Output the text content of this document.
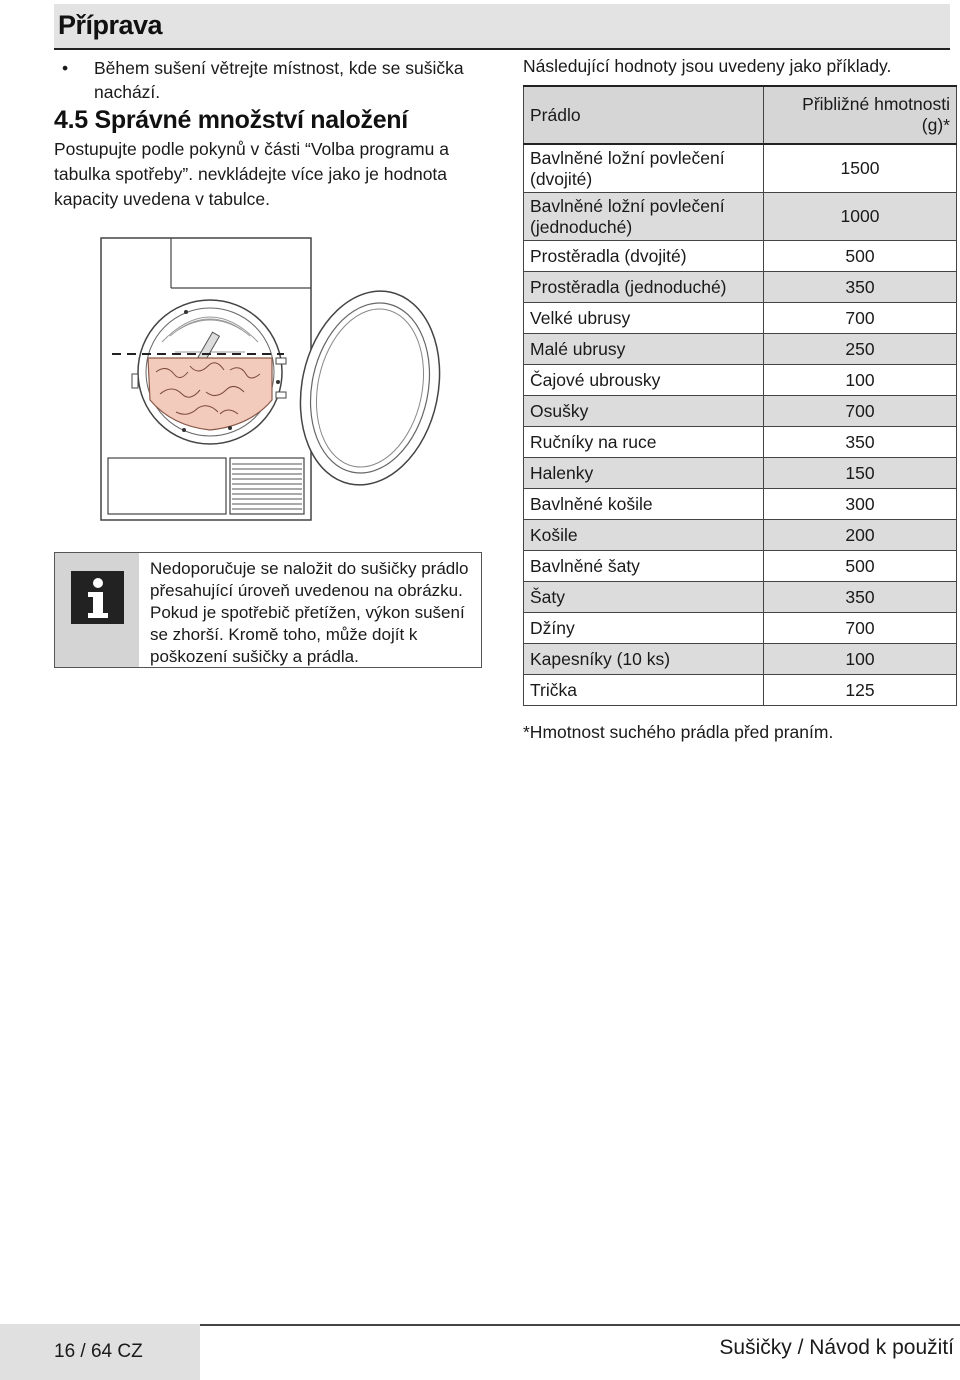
Příprava
• Během sušení větrejte místnost, kde se sušička nachází.
4.5 Správné množství naložení
Postupujte podle pokynů v části “Volba programu a tabulka spotřeby”. nevkládejte více jako je hodnota kapacity uvedena v tabulce.
Nedoporučuje se naložit do sušičky prádlo přesahující úroveň uvedenou na obrázku. Pokud je spotřebič přetížen, výkon sušení se zhorší. Kromě toho, může dojít k poškození sušičky a prádla.
Následující hodnoty jsou uvedeny jako příklady.
Prádlo	Přibližné hmotnosti (g)*
Bavlněné ložní povlečení (dvojité)	1500
Bavlněné ložní povlečení (jednoduché)	1000
Prostěradla (dvojité)	500
Prostěradla (jednoduché)	350
Velké ubrusy	700
Malé ubrusy	250
Čajové ubrousky	100
Osušky	700
Ručníky na ruce	350
Halenky	150
Bavlněné košile	300
Košile	200
Bavlněné šaty	500
Šaty	350
Džíny	700
Kapesníky (10 ks)	100
Trička	125
*Hmotnost suchého prádla před praním.
16 / 64 CZ	Sušičky / Návod k použití
